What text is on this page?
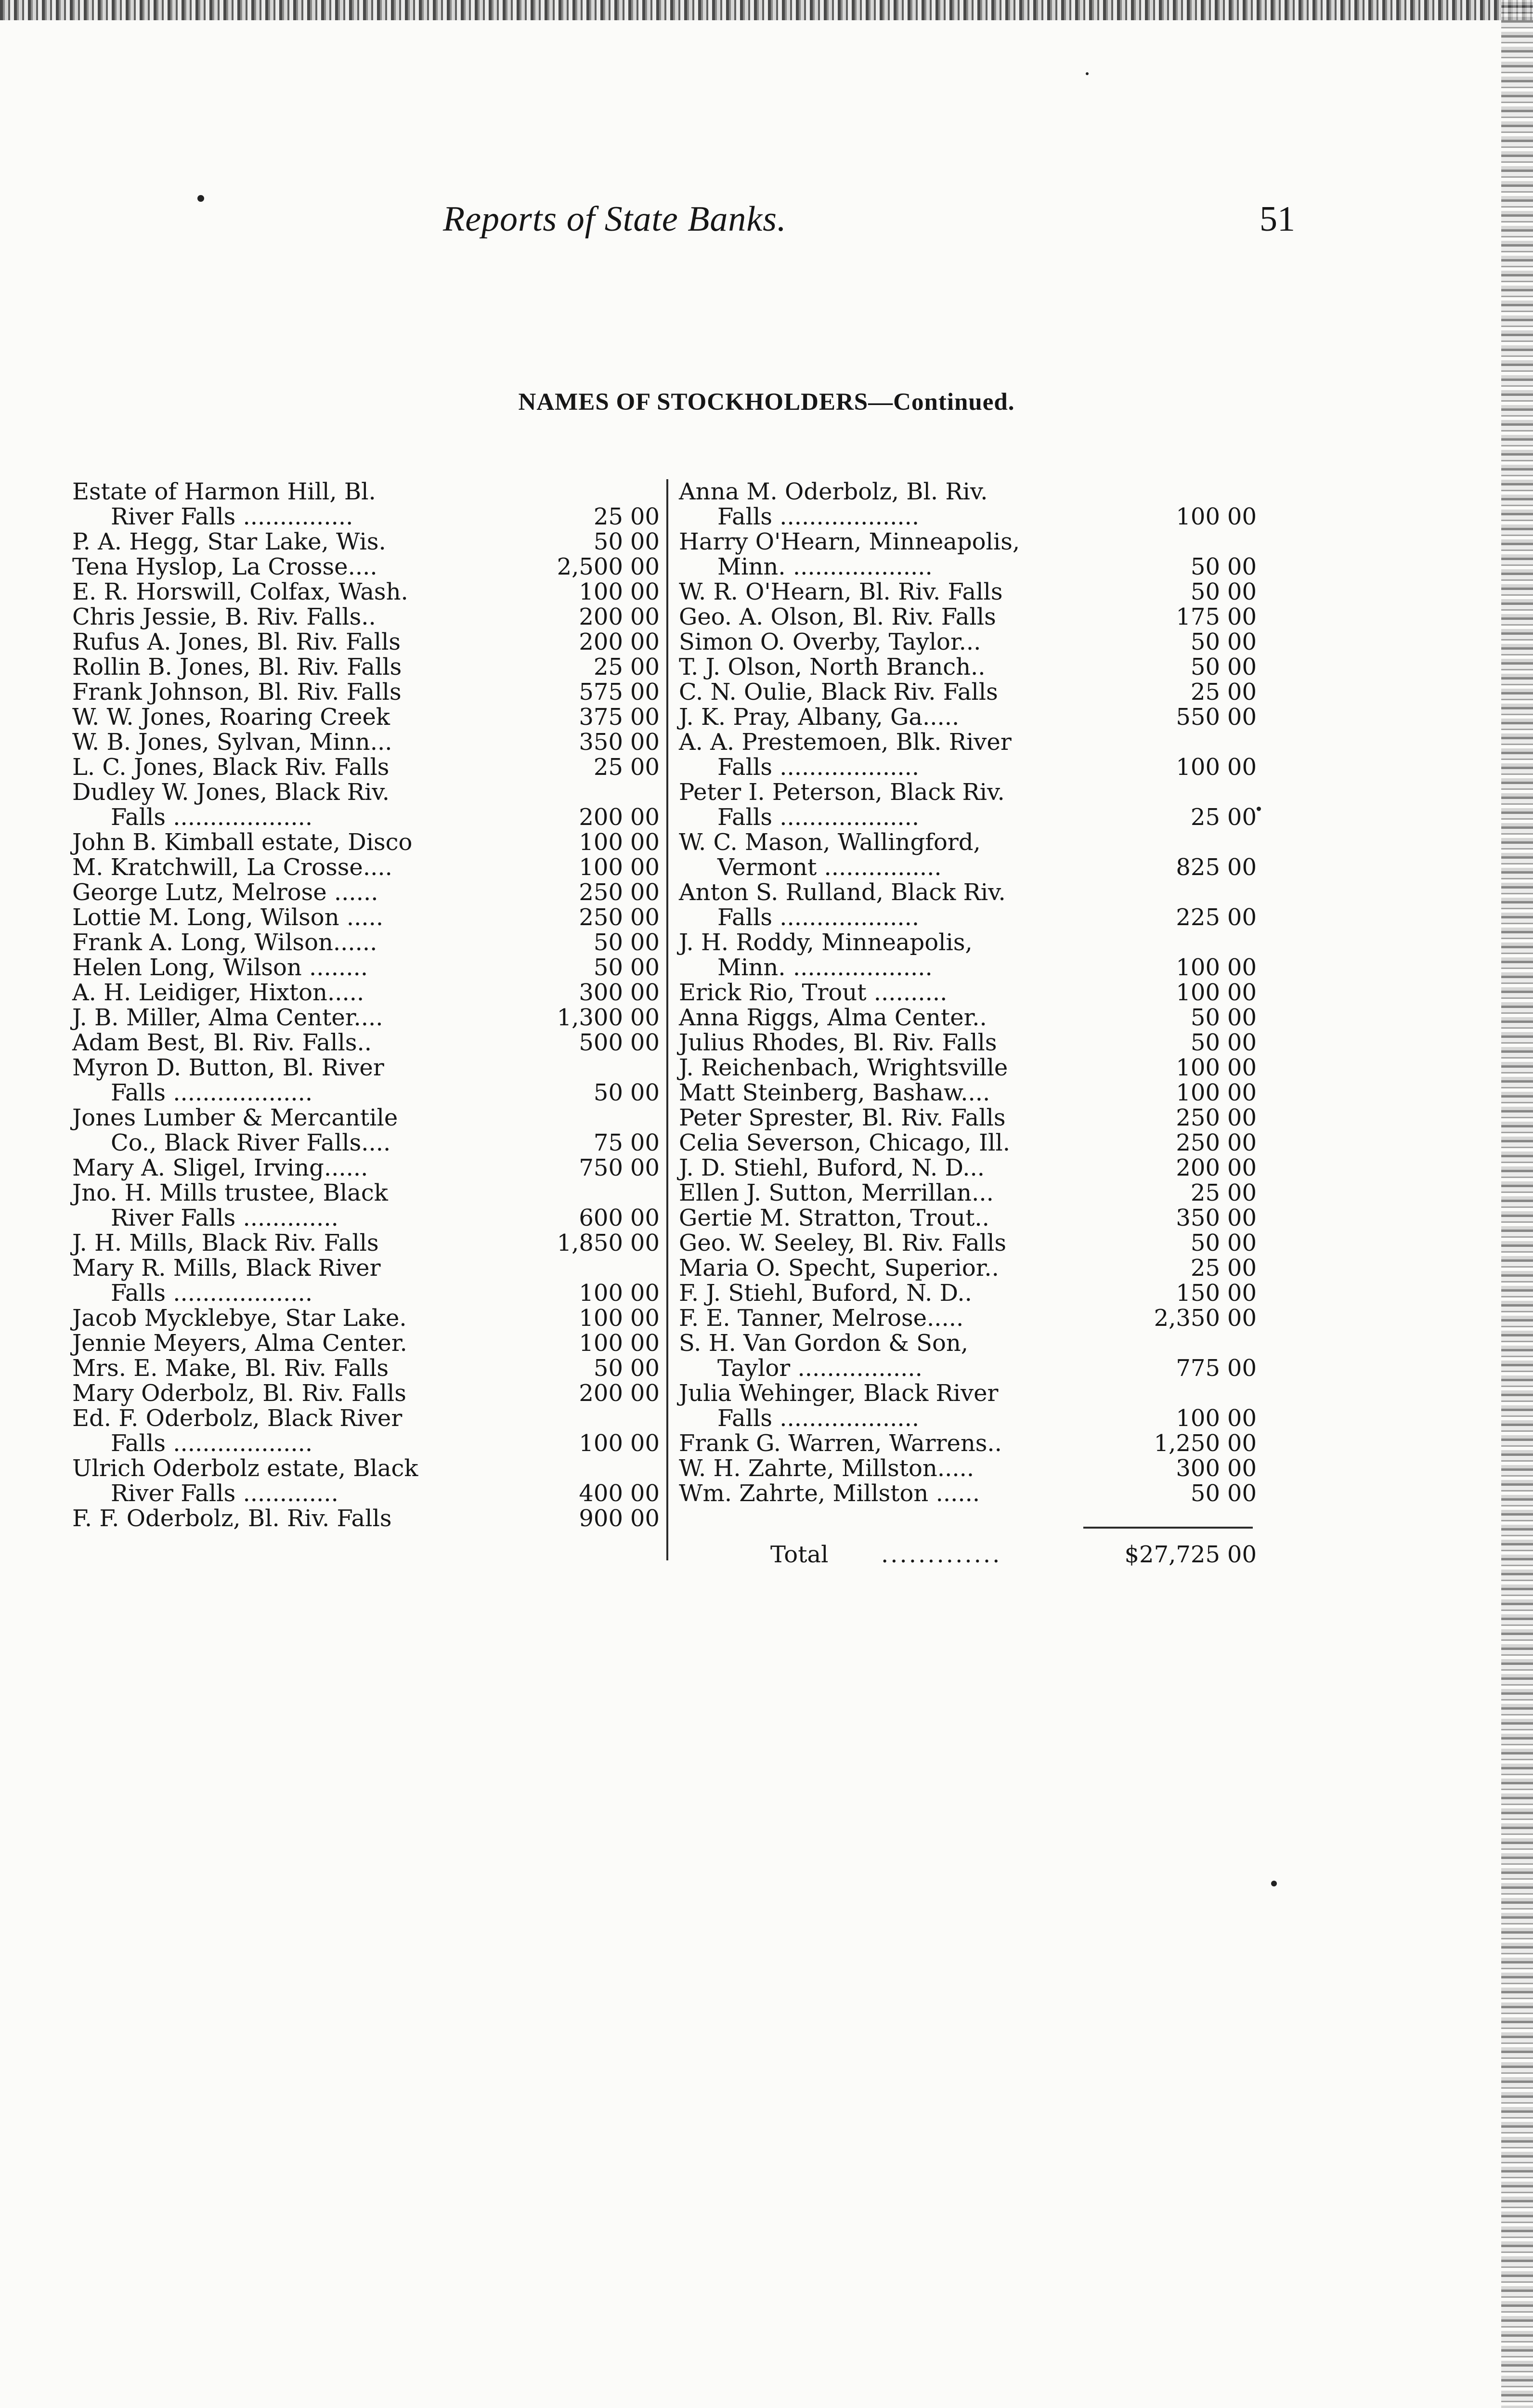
Reports of State Banks.	51
NAMES OF STOCKHOLDERS—Continued.
Estate of Harmon Hill, Bl.
River Falls ...............	25 00
P. A. Hegg, Star Lake, Wis.	50 00
Tena Hyslop, La Crosse....	2,500 00
E. R. Horswill, Colfax, Wash.	100 00
Chris Jessie, B. Riv. Falls..	200 00
Rufus A. Jones, Bl. Riv. Falls	200 00
Rollin B. Jones, Bl. Riv. Falls	25 00
Frank Johnson, Bl. Riv. Falls	575 00
W. W. Jones, Roaring Creek	375 00
W. B. Jones, Sylvan, Minn...	350 00
L. C. Jones, Black Riv. Falls	25 00
Dudley W. Jones, Black Riv.
Falls ...................	200 00
John B. Kimball estate, Disco	100 00
M. Kratchwill, La Crosse....	100 00
George Lutz, Melrose ......	250 00
Lottie M. Long, Wilson .....	250 00
Frank A. Long, Wilson......	50 00
Helen Long, Wilson ........	50 00
A. H. Leidiger, Hixton.....	300 00
J. B. Miller, Alma Center....	1,300 00
Adam Best, Bl. Riv. Falls..	500 00
Myron D. Button, Bl. River
Falls ...................	50 00
Jones Lumber & Mercantile
Co., Black River Falls....	75 00
Mary A. Sligel, Irving......	750 00
Jno. H. Mills trustee, Black
River Falls .............	600 00
J. H. Mills, Black Riv. Falls	1,850 00
Mary R. Mills, Black River
Falls ...................	100 00
Jacob Mycklebye, Star Lake.	100 00
Jennie Meyers, Alma Center.	100 00
Mrs. E. Make, Bl. Riv. Falls	50 00
Mary Oderbolz, Bl. Riv. Falls	200 00
Ed. F. Oderbolz, Black River
Falls ...................	100 00
Ulrich Oderbolz estate, Black
River Falls .............	400 00
F. F. Oderbolz, Bl. Riv. Falls	900 00
Anna M. Oderbolz, Bl. Riv.
Falls ...................	100 00
Harry O'Hearn, Minneapolis,
Minn. ...................	50 00
W. R. O'Hearn, Bl. Riv. Falls	50 00
Geo. A. Olson, Bl. Riv. Falls	175 00
Simon O. Overby, Taylor...	50 00
T. J. Olson, North Branch..	50 00
C. N. Oulie, Black Riv. Falls	25 00
J. K. Pray, Albany, Ga.....	550 00
A. A. Prestemoen, Blk. River
Falls ...................	100 00
Peter I. Peterson, Black Riv.
Falls ...................	25 00
W. C. Mason, Wallingford,
Vermont ................	825 00
Anton S. Rulland, Black Riv.
Falls ...................	225 00
J. H. Roddy, Minneapolis,
Minn. ...................	100 00
Erick Rio, Trout ..........	100 00
Anna Riggs, Alma Center..	50 00
Julius Rhodes, Bl. Riv. Falls	50 00
J. Reichenbach, Wrightsville	100 00
Matt Steinberg, Bashaw....	100 00
Peter Sprester, Bl. Riv. Falls	250 00
Celia Severson, Chicago, Ill.	250 00
J. D. Stiehl, Buford, N. D...	200 00
Ellen J. Sutton, Merrillan...	25 00
Gertie M. Stratton, Trout..	350 00
Geo. W. Seeley, Bl. Riv. Falls	50 00
Maria O. Specht, Superior..	25 00
F. J. Stiehl, Buford, N. D..	150 00
F. E. Tanner, Melrose.....	2,350 00
S. H. Van Gordon & Son,
Taylor .................	775 00
Julia Wehinger, Black River
Falls ...................	100 00
Frank G. Warren, Warrens..	1,250 00
W. H. Zahrte, Millston.....	300 00
Wm. Zahrte, Millston ......	50 00
Total .............	$27,725 00
